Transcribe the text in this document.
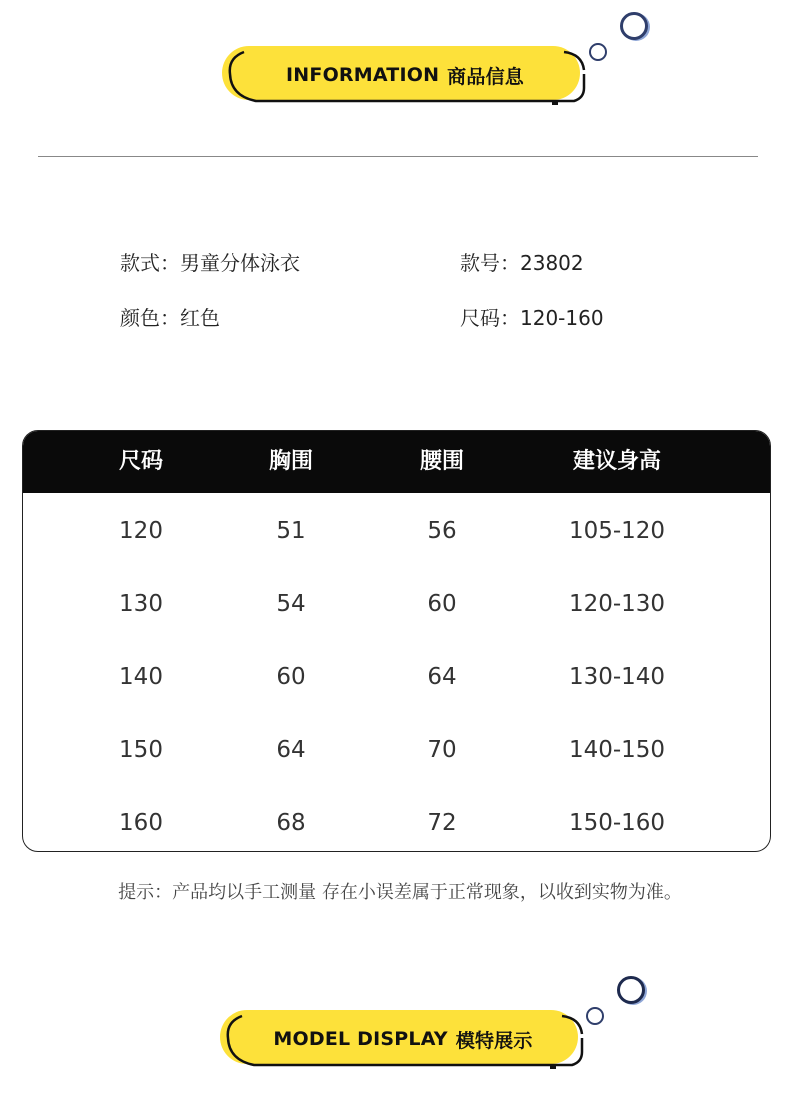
INFORMATION 商品信息
款式：男童分体泳衣	款号：23802
颜色：红色	尺码：120-160
尺码	胸围	腰围	建议身高
120	51	56	105-120
130	54	60	120-130
140	60	64	130-140
150	64	70	140-150
160	68	72	150-160
提示：产品均以手工测量 存在小误差属于正常现象，以收到实物为准。
MODEL DISPLAY 模特展示
